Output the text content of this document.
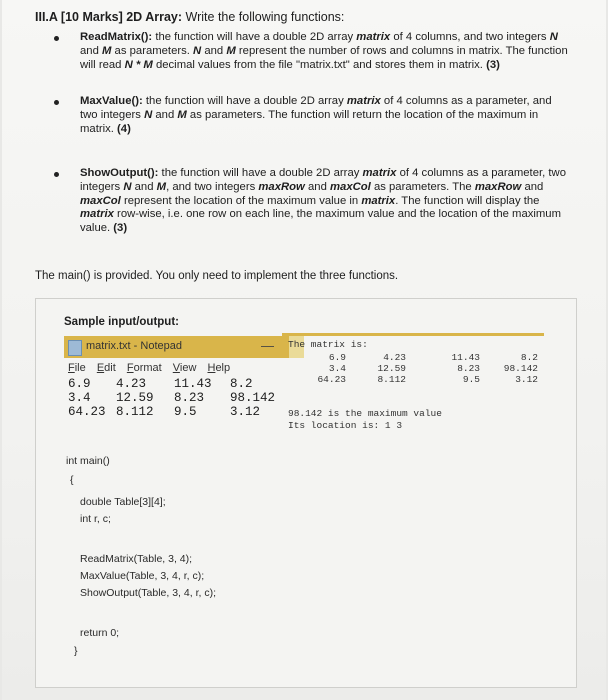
III.A [10 Marks] 2D Array: Write the following functions:
ReadMatrix(): the function will have a double 2D array matrix of 4 columns, and two integers N and M as parameters. N and M represent the number of rows and columns in matrix. The function will read N * M decimal values from the file "matrix.txt" and stores them in matrix. (3)
MaxValue(): the function will have a double 2D array matrix of 4 columns as a parameter, and two integers N and M as parameters. The function will return the location of the maximum in matrix. (4)
ShowOutput(): the function will have a double 2D array matrix of 4 columns as a parameter, two integers N and M, and two integers maxRow and maxCol as parameters. The maxRow and maxCol represent the location of the maximum value in matrix. The function will display the matrix row-wise, i.e. one row on each line, the maximum value and the location of the maximum value. (3)
The main() is provided. You only need to implement the three functions.
Sample input/output:
matrix.txt - Notepad	—
File Edit Format View Help
6.9	4.23	11.43	8.2
3.4	12.59	8.23	98.142
64.23 8.112	9.5	3.12
The matrix is:
6.9	4.23	11.43	8.2
3.4	12.59	8.23	98.142
64.23	8.112	9.5	3.12
98.142 is the maximum value
Its location is: 1 3
int main()
{
double Table[3][4];
int r, c;
ReadMatrix(Table, 3, 4);
MaxValue(Table, 3, 4, r, c);
ShowOutput(Table, 3, 4, r, c);
return 0;
}
